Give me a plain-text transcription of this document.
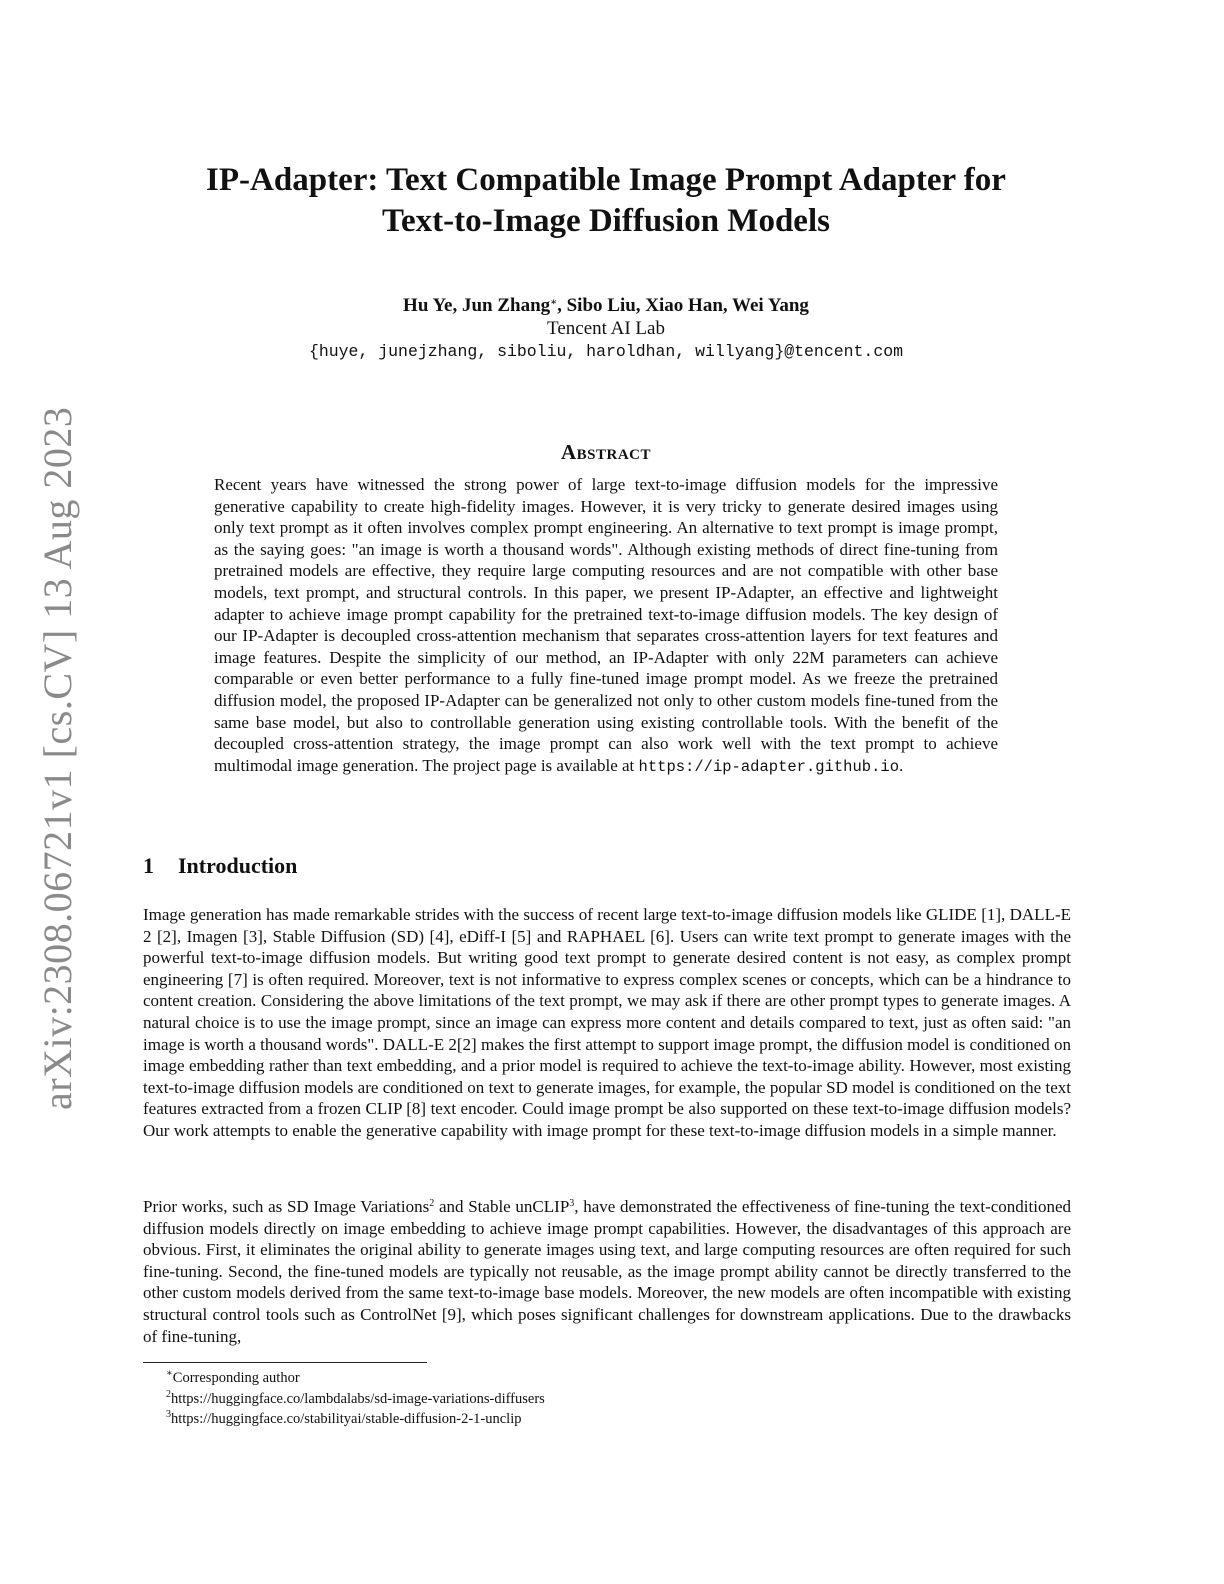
arXiv:2308.06721v1 [cs.CV] 13 Aug 2023
IP-Adapter: Text Compatible Image Prompt Adapter for
Text-to-Image Diffusion Models
Hu Ye, Jun Zhang∗, Sibo Liu, Xiao Han, Wei Yang
Tencent AI Lab
{huye, junejzhang, siboliu, haroldhan, willyang}@tencent.com
Abstract

Recent years have witnessed the strong power of large text-to-image diffusion models for the impressive generative capability to create high-fidelity images. However, it is very tricky to generate desired images using only text prompt as it often involves complex prompt engineering. An alternative to text prompt is image prompt, as the saying goes: "an image is worth a thousand words". Although existing methods of direct fine-tuning from pretrained models are effective, they require large computing resources and are not compatible with other base models, text prompt, and structural controls. In this paper, we present IP-Adapter, an effective and lightweight adapter to achieve image prompt capability for the pretrained text-to-image diffusion models. The key design of our IP-Adapter is decoupled cross-attention mechanism that separates cross-attention layers for text features and image features. Despite the simplicity of our method, an IP-Adapter with only 22M parameters can achieve comparable or even better performance to a fully fine-tuned image prompt model. As we freeze the pretrained diffusion model, the proposed IP-Adapter can be generalized not only to other custom models fine-tuned from the same base model, but also to controllable generation using existing controllable tools. With the benefit of the decoupled cross-attention strategy, the image prompt can also work well with the text prompt to achieve multimodal image generation. The project page is available at https://ip-adapter.github.io.

1 Introduction

Image generation has made remarkable strides with the success of recent large text-to-image diffusion models like GLIDE [1], DALL-E 2 [2], Imagen [3], Stable Diffusion (SD) [4], eDiff-I [5] and RAPHAEL [6]. Users can write text prompt to generate images with the powerful text-to-image diffusion models. But writing good text prompt to generate desired content is not easy, as complex prompt engineering [7] is often required. Moreover, text is not informative to express complex scenes or concepts, which can be a hindrance to content creation. Considering the above limitations of the text prompt, we may ask if there are other prompt types to generate images. A natural choice is to use the image prompt, since an image can express more content and details compared to text, just as often said: "an image is worth a thousand words". DALL-E 2[2] makes the first attempt to support image prompt, the diffusion model is conditioned on image embedding rather than text embedding, and a prior model is required to achieve the text-to-image ability. However, most existing text-to-image diffusion models are conditioned on text to generate images, for example, the popular SD model is conditioned on the text features extracted from a frozen CLIP [8] text encoder. Could image prompt be also supported on these text-to-image diffusion models? Our work attempts to enable the generative capability with image prompt for these text-to-image diffusion models in a simple manner.

Prior works, such as SD Image Variations$^2$ and Stable unCLIP$^3$, have demonstrated the effectiveness of fine-tuning the text-conditioned diffusion models directly on image embedding to achieve image prompt capabilities. However, the disadvantages of this approach are obvious. First, it eliminates the original ability to generate images using text, and large computing resources are often required for such fine-tuning. Second, the fine-tuned models are typically not reusable, as the image prompt ability cannot be directly transferred to the other custom models derived from the same text-to-image base models. Moreover, the new models are often incompatible with existing structural control tools such as ControlNet [9], which poses significant challenges for downstream applications. Due to the drawbacks of fine-tuning,

∗Corresponding author
$^2$https://huggingface.co/lambdalabs/sd-image-variations-diffusers
$^3$https://huggingface.co/stabilityai/stable-diffusion-2-1-unclip
